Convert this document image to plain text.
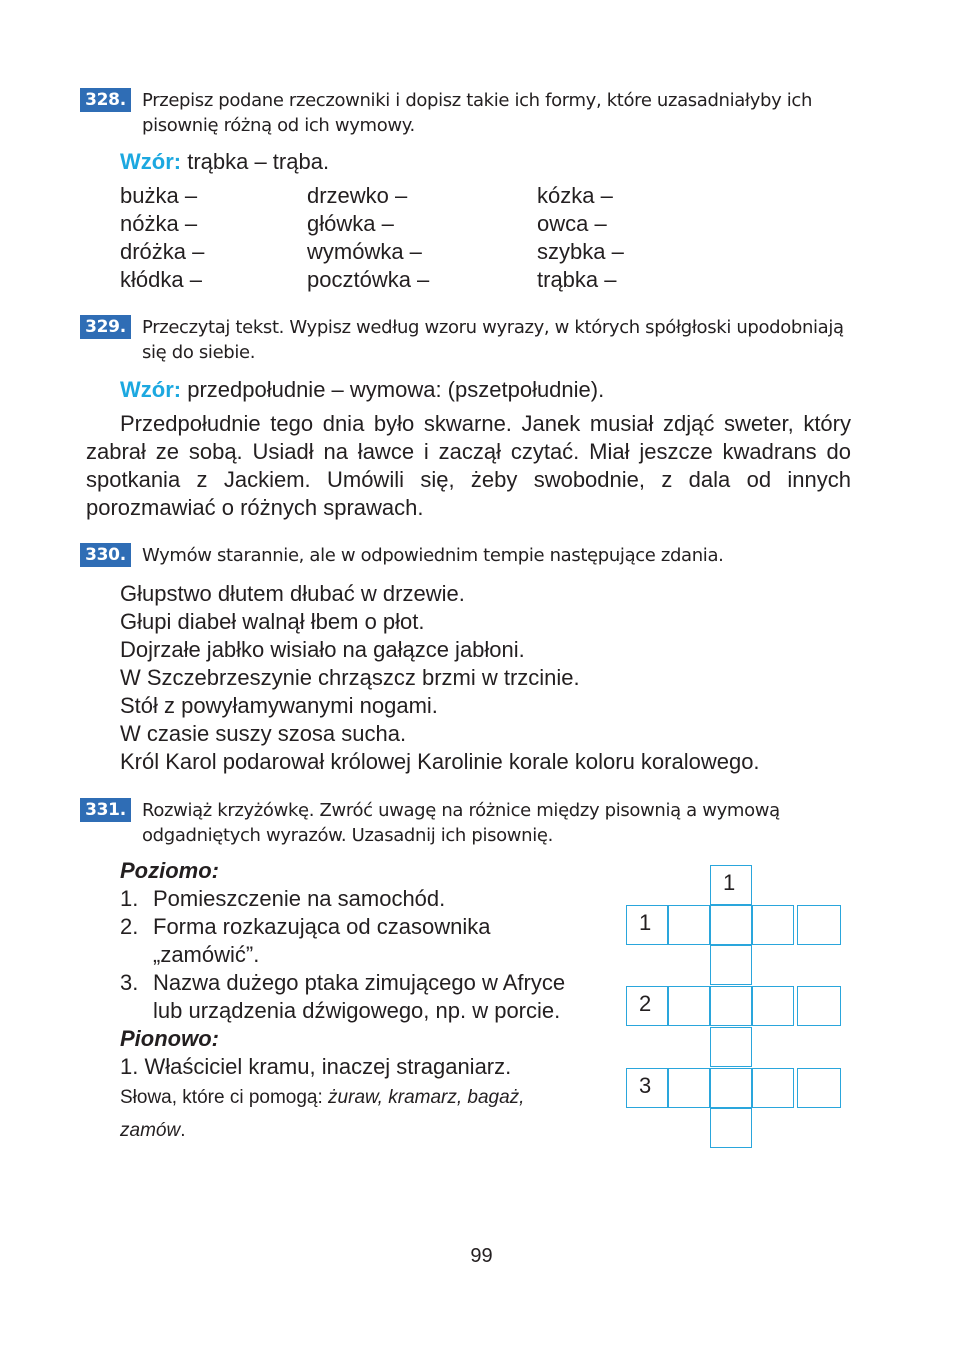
328. Przepisz podane rzeczowniki i dopisz takie ich formy, które uzasadniałyby ich pisownię różną od ich wymowy.
Wzór: trąbka – trąba.
bużka –
nóżka –
dróżka –
kłódka –
drzewko –
główka –
wymówka –
pocztówka –
kózka –
owca –
szybka –
trąbka –
329. Przeczytaj tekst. Wypisz według wzoru wyrazy, w których spółgłoski upodobniają się do siebie.
Wzór: przedpołudnie – wymowa: (pszetpołudnie).
Przedpołudnie tego dnia było skwarne. Janek musiał zdjąć sweter, który zabrał ze sobą. Usiadł na ławce i zaczął czytać. Miał jeszcze kwadrans do spotkania z Jackiem. Umówili się, żeby swobodnie, z dala od innych porozmawiać o różnych sprawach.
330. Wymów starannie, ale w odpowiednim tempie następujące zdania.
Głupstwo dłutem dłubać w drzewie.
Głupi diabeł walnął łbem o płot.
Dojrzałe jabłko wisiało na gałązce jabłoni.
W Szczebrzeszynie chrząszcz brzmi w trzcinie.
Stół z powyłamywanymi nogami.
W czasie suszy szosa sucha.
Król Karol podarował królowej Karolinie korale koloru koralowego.
331. Rozwiąż krzyżówkę. Zwróć uwagę na różnice między pisownią a wymową odgadniętych wyrazów. Uzasadnij ich pisownię.
Poziomo:
1. Pomieszczenie na samochód.
2. Forma rozkazująca od czasownika „zamówić”.
3. Nazwa dużego ptaka zimującego w Afryce lub urządzenia dźwigowego, np. w porcie.
Pionowo:
1. Właściciel kramu, inaczej straganiarz.
Słowa, które ci pomogą: żuraw, kramarz, bagaż, zamów.
1
1
2
3
99
